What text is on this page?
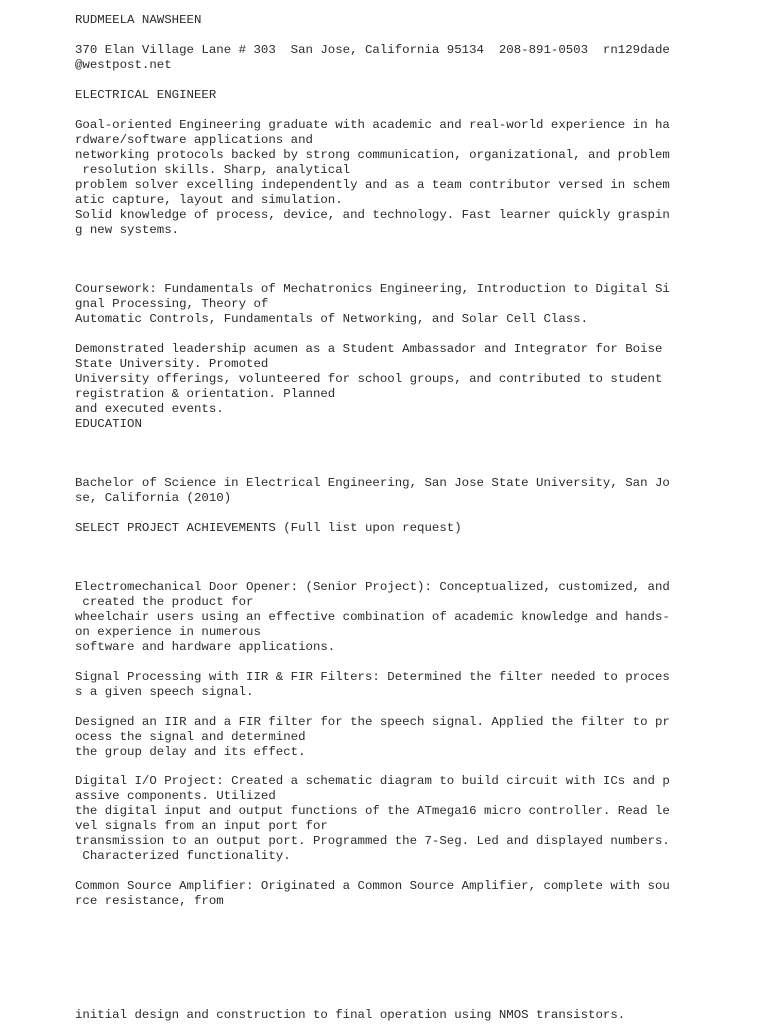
RUDMEELA NAWSHEEN

370 Elan Village Lane # 303  San Jose, California 95134  208-891-0503  rn129dade

@westpost.net

ELECTRICAL ENGINEER

Goal-oriented Engineering graduate with academic and real-world experience in ha

rdware/software applications and

networking protocols backed by strong communication, organizational, and problem

resolution skills. Sharp, analytical

problem solver excelling independently and as a team contributor versed in schem

atic capture, layout and simulation.

Solid knowledge of process, device, and technology. Fast learner quickly graspin

g new systems.

Coursework: Fundamentals of Mechatronics Engineering, Introduction to Digital Si

gnal Processing, Theory of

Automatic Controls, Fundamentals of Networking, and Solar Cell Class.

Demonstrated leadership acumen as a Student Ambassador and Integrator for Boise

State University. Promoted

University offerings, volunteered for school groups, and contributed to student

registration & orientation. Planned

and executed events.

EDUCATION

Bachelor of Science in Electrical Engineering, San Jose State University, San Jo

se, California (2010)

SELECT PROJECT ACHIEVEMENTS (Full list upon request)

Electromechanical Door Opener: (Senior Project): Conceptualized, customized, and

created the product for

wheelchair users using an effective combination of academic knowledge and hands-

on experience in numerous

software and hardware applications.

Signal Processing with IIR & FIR Filters: Determined the filter needed to proces

s a given speech signal.

Designed an IIR and a FIR filter for the speech signal. Applied the filter to pr

ocess the signal and determined

the group delay and its effect.

Digital I/O Project: Created a schematic diagram to build circuit with ICs and p

assive components. Utilized

the digital input and output functions of the ATmega16 micro controller. Read le

vel signals from an input port for

transmission to an output port. Programmed the 7-Seg. Led and displayed numbers.

Characterized functionality.

Common Source Amplifier: Originated a Common Source Amplifier, complete with sou

rce resistance, from

initial design and construction to final operation using NMOS transistors.
